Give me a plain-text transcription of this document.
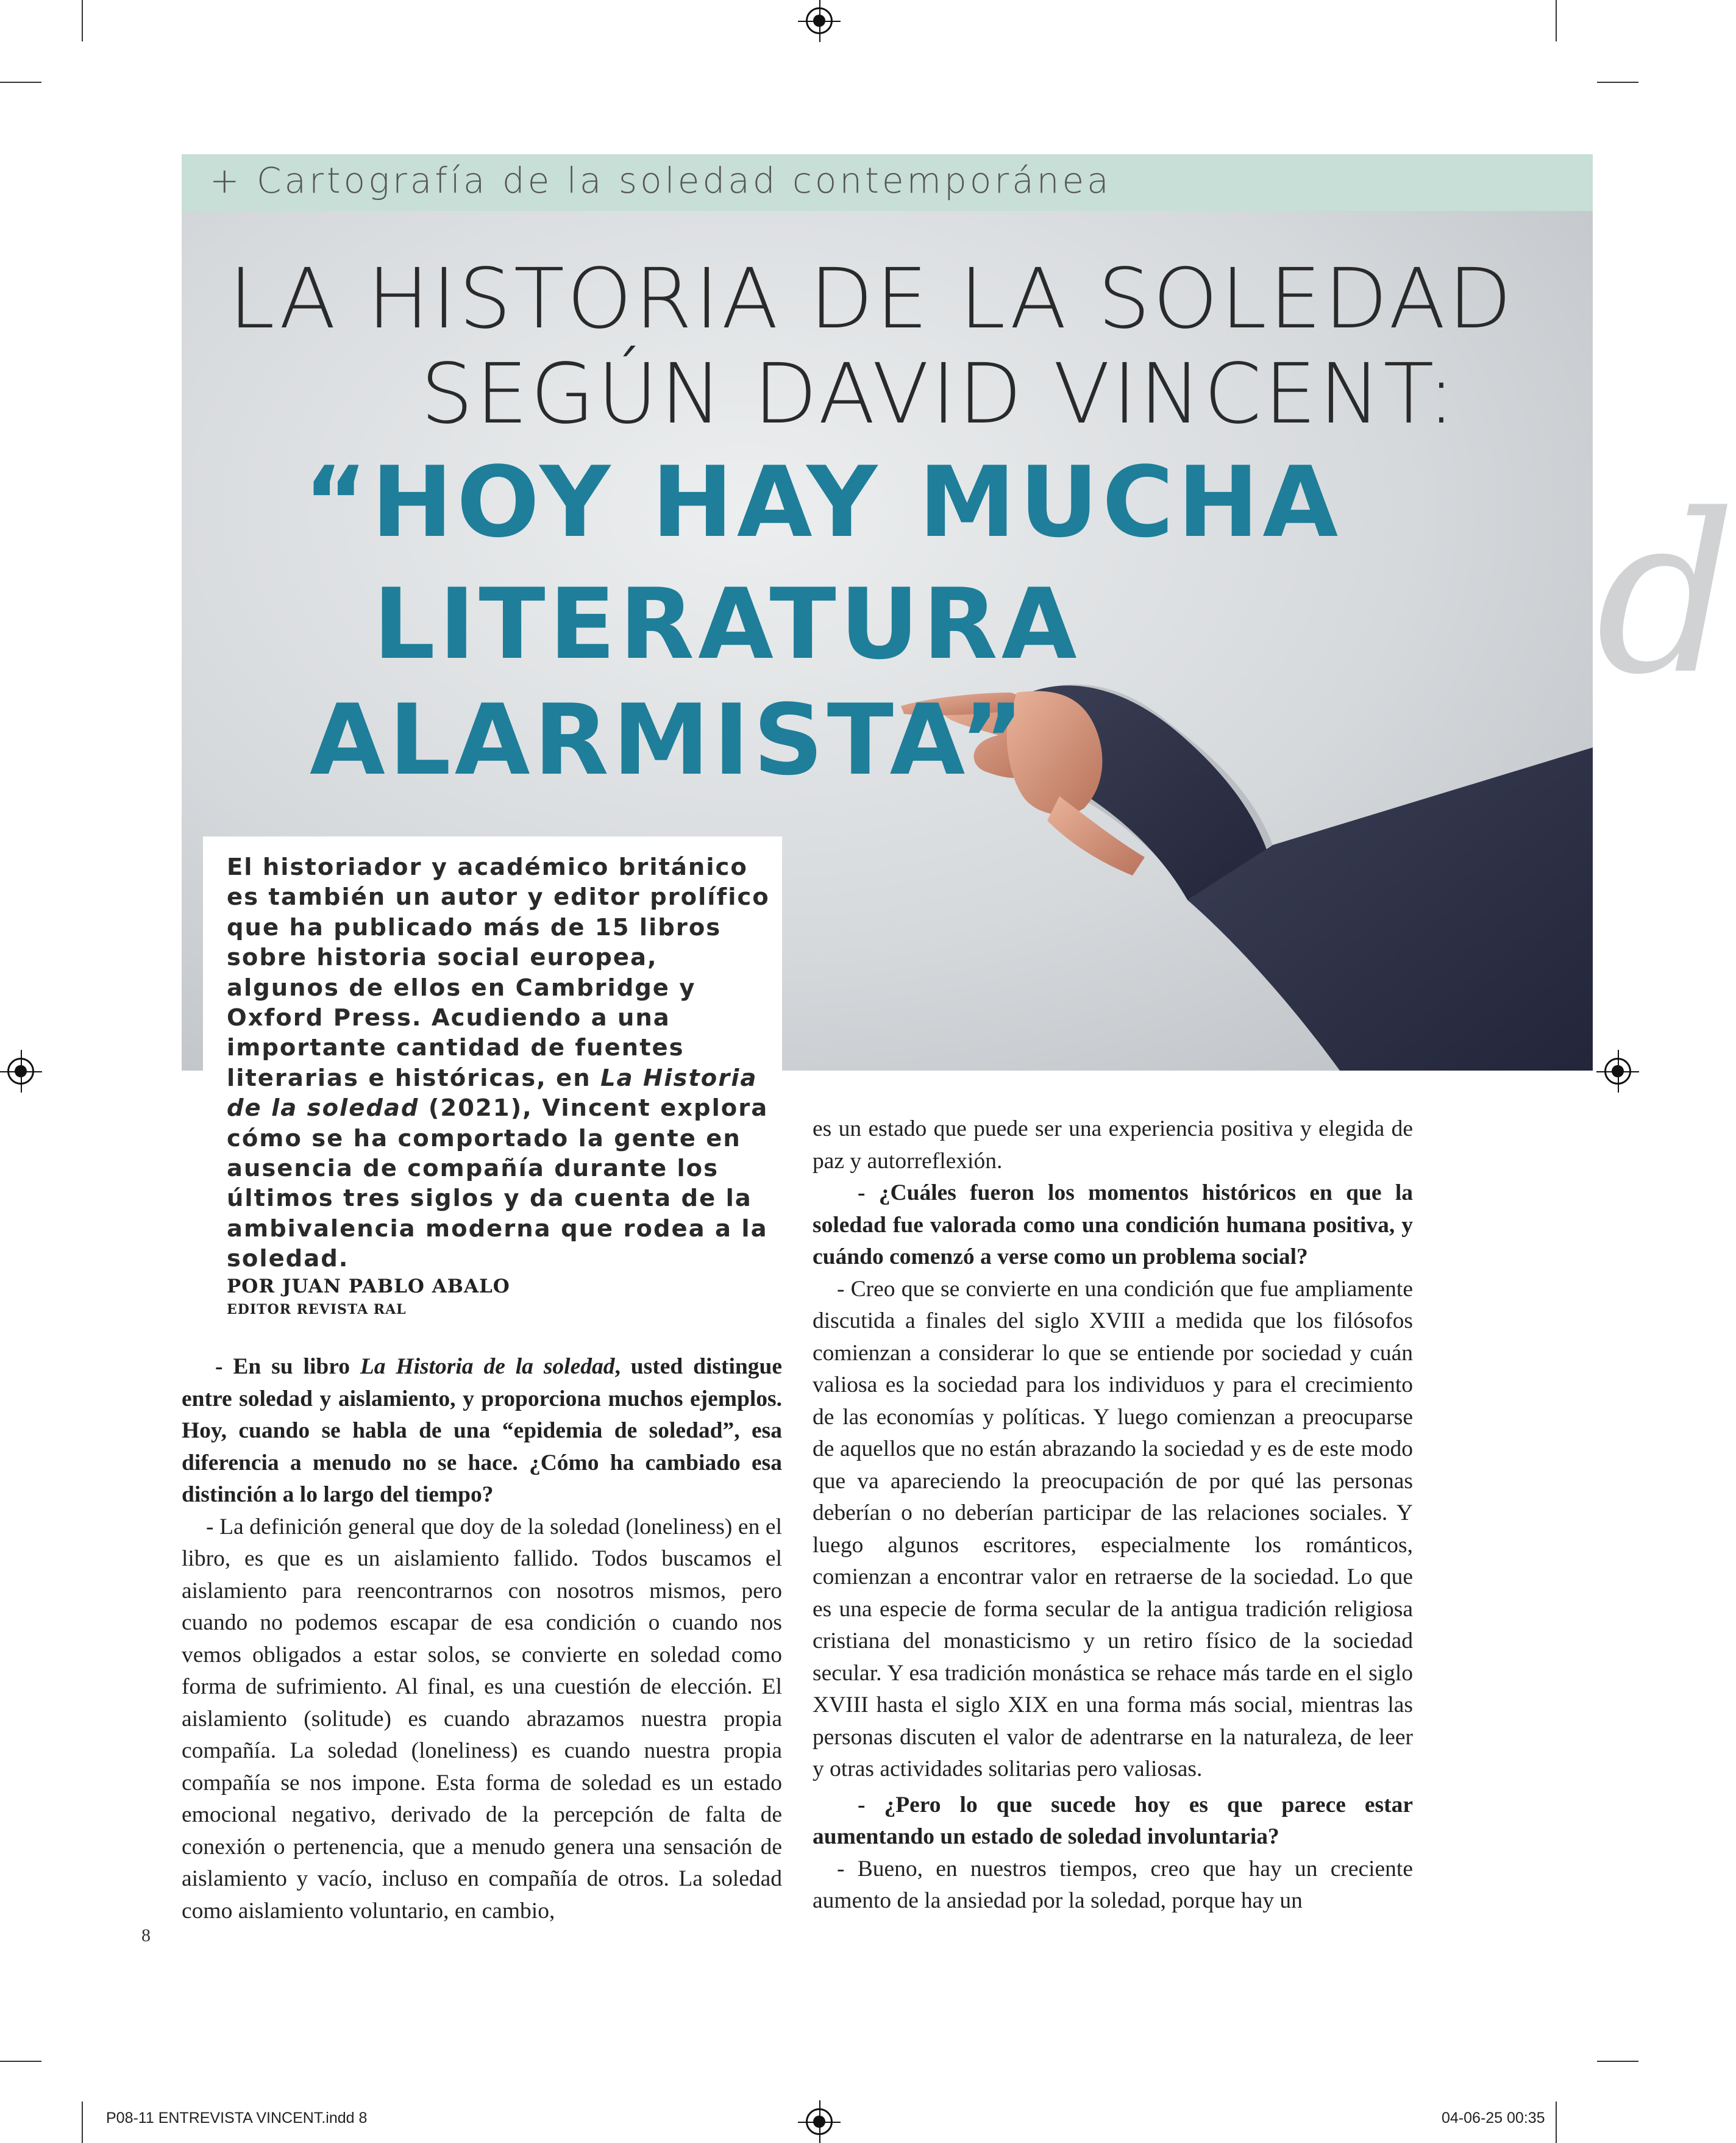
d
+ Cartografía de la soledad contemporánea
LA HISTORIA DE LA SOLEDAD
SEGÚN DAVID VINCENT:
“HOY HAY MUCHA
LITERATURA
ALARMISTA”
El historiador y académico británico es también un autor y editor prolífico que ha publicado más de 15 libros sobre historia social europea, algunos de ellos en Cambridge y Oxford Press. Acudiendo a una importante cantidad de fuentes literarias e históricas, en La Historia de la soledad (2021), Vincent explora cómo se ha comportado la gente en ausencia de compañía durante los últimos tres siglos y da cuenta de la ambivalencia moderna que rodea a la soledad.
POR JUAN PABLO ABALO
EDITOR REVISTA RAL

- En su libro La Historia de la soledad, usted distingue entre soledad y aislamiento, y proporciona muchos ejemplos. Hoy, cuando se habla de una “epidemia de soledad”, esa diferencia a menudo no se hace. ¿Cómo ha cambiado esa distinción a lo largo del tiempo?

- La definición general que doy de la soledad (loneliness) en el libro, es que es un aislamiento fallido. Todos buscamos el aislamiento para reencontrarnos con nosotros mismos, pero cuando no podemos escapar de esa condición o cuando nos vemos obligados a estar solos, se convierte en soledad como forma de sufrimiento. Al final, es una cuestión de elección. El aislamiento (solitude) es cuando abrazamos nuestra propia compañía. La soledad (loneliness) es cuando nuestra propia compañía se nos impone. Esta forma de soledad es un estado emocional negativo, derivado de la percepción de falta de conexión o pertenencia, que a menudo genera una sensación de aislamiento y vacío, incluso en compañía de otros. La soledad como aislamiento voluntario, en cambio,

es un estado que puede ser una experiencia positiva y elegida de paz y autorreflexión.

- ¿Cuáles fueron los momentos históricos en que la soledad fue valorada como una condición humana positiva, y cuándo comenzó a verse como un problema social?

- Creo que se convierte en una condición que fue ampliamente discutida a finales del siglo XVIII a medida que los filósofos comienzan a considerar lo que se entiende por sociedad y cuán valiosa es la sociedad para los individuos y para el crecimiento de las economías y políticas. Y luego comienzan a preocuparse de aquellos que no están abrazando la sociedad y es de este modo que va apareciendo la preocupación de por qué las personas deberían o no deberían participar de las relaciones sociales. Y luego algunos escritores, especialmente los románticos, comienzan a encontrar valor en retraerse de la sociedad. Lo que es una especie de forma secular de la antigua tradición religiosa cristiana del monasticismo y un retiro físico de la sociedad secular. Y esa tradición monástica se rehace más tarde en el siglo XVIII hasta el siglo XIX en una forma más social, mientras las personas discuten el valor de adentrarse en la naturaleza, de leer y otras actividades solitarias pero valiosas.

- ¿Pero lo que sucede hoy es que parece estar aumentando un estado de soledad involuntaria?

- Bueno, en nuestros tiempos, creo que hay un creciente aumento de la ansiedad por la soledad, porque hay un

8
P08-11 ENTREVISTA VINCENT.indd 8	04-06-25 00:35
